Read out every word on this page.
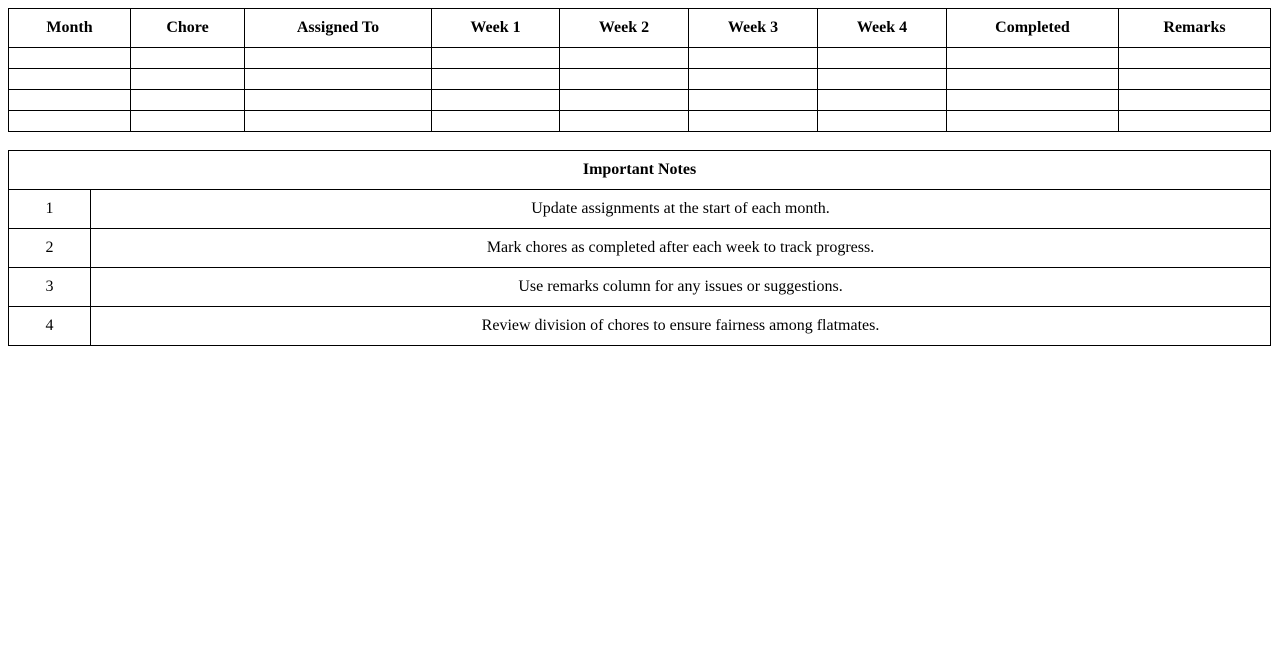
Month	Chore	Assigned To	Week 1	Week 2	Week 3	Week 4	Completed	Remarks

Important Notes	
1	Update assignments at the start of each month.
2	Mark chores as completed after each week to track progress.
3	Use remarks column for any issues or suggestions.
4	Review division of chores to ensure fairness among flatmates.
